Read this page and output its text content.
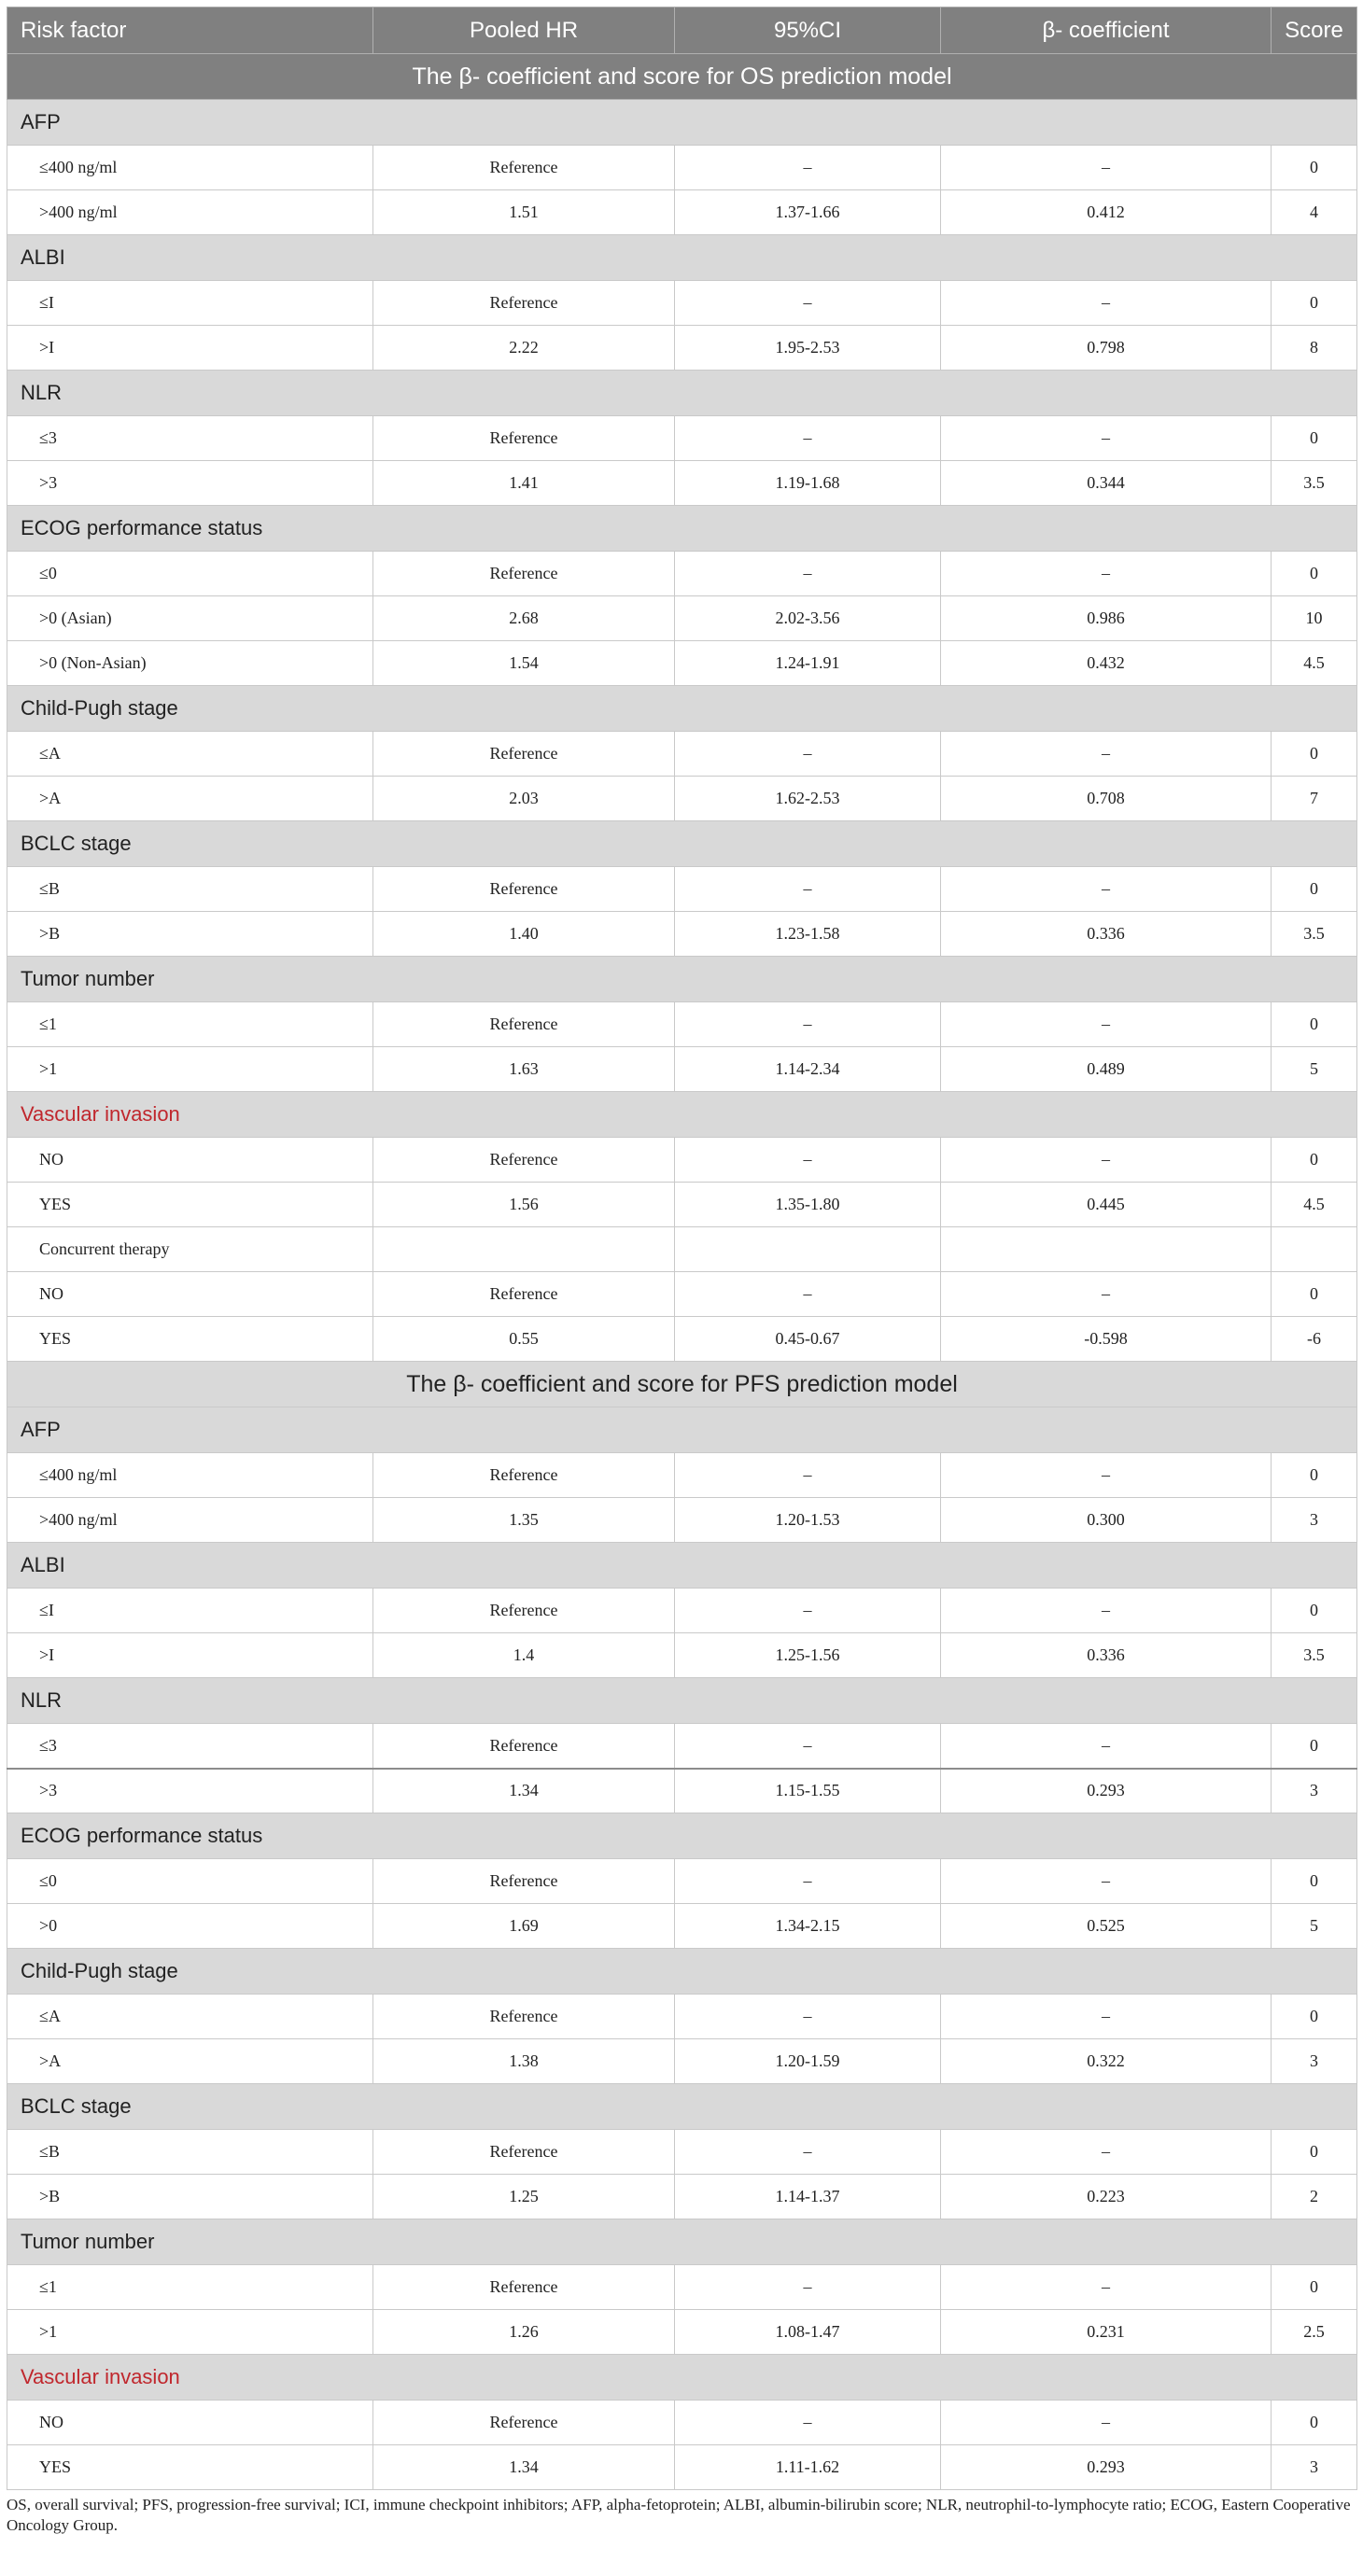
Risk factor	Pooled HR	95%CI	β- coefficient	Score
The β- coefficient and score for OS prediction model				
AFP				
≤400 ng/ml	Reference	–	–	0
>400 ng/ml	1.51	1.37-1.66	0.412	4
ALBI				
≤I	Reference	–	–	0
>I	2.22	1.95-2.53	0.798	8
NLR				
≤3	Reference	–	–	0
>3	1.41	1.19-1.68	0.344	3.5
ECOG performance status				
≤0	Reference	–	–	0
>0 (Asian)	2.68	2.02-3.56	0.986	10
>0 (Non-Asian)	1.54	1.24-1.91	0.432	4.5
Child-Pugh stage				
≤A	Reference	–	–	0
>A	2.03	1.62-2.53	0.708	7
BCLC stage				
≤B	Reference	–	–	0
>B	1.40	1.23-1.58	0.336	3.5
Tumor number				
≤1	Reference	–	–	0
>1	1.63	1.14-2.34	0.489	5
Vascular invasion				
NO	Reference	–	–	0
YES	1.56	1.35-1.80	0.445	4.5
Concurrent therapy				
NO	Reference	–	–	0
YES	0.55	0.45-0.67	-0.598	-6
The β- coefficient and score for PFS prediction model				
AFP				
≤400 ng/ml	Reference	–	–	0
>400 ng/ml	1.35	1.20-1.53	0.300	3
ALBI				
≤I	Reference	–	–	0
>I	1.4	1.25-1.56	0.336	3.5
NLR				
≤3	Reference	–	–	0
>3	1.34	1.15-1.55	0.293	3
ECOG performance status				
≤0	Reference	–	–	0
>0	1.69	1.34-2.15	0.525	5
Child-Pugh stage				
≤A	Reference	–	–	0
>A	1.38	1.20-1.59	0.322	3
BCLC stage				
≤B	Reference	–	–	0
>B	1.25	1.14-1.37	0.223	2
Tumor number				
≤1	Reference	–	–	0
>1	1.26	1.08-1.47	0.231	2.5
Vascular invasion				
NO	Reference	–	–	0
YES	1.34	1.11-1.62	0.293	3
OS, overall survival; PFS, progression-free survival; ICI, immune checkpoint inhibitors; AFP, alpha-fetoprotein; ALBI, albumin-bilirubin score; NLR, neutrophil-to-lymphocyte ratio; ECOG, Eastern Cooperative Oncology Group.
